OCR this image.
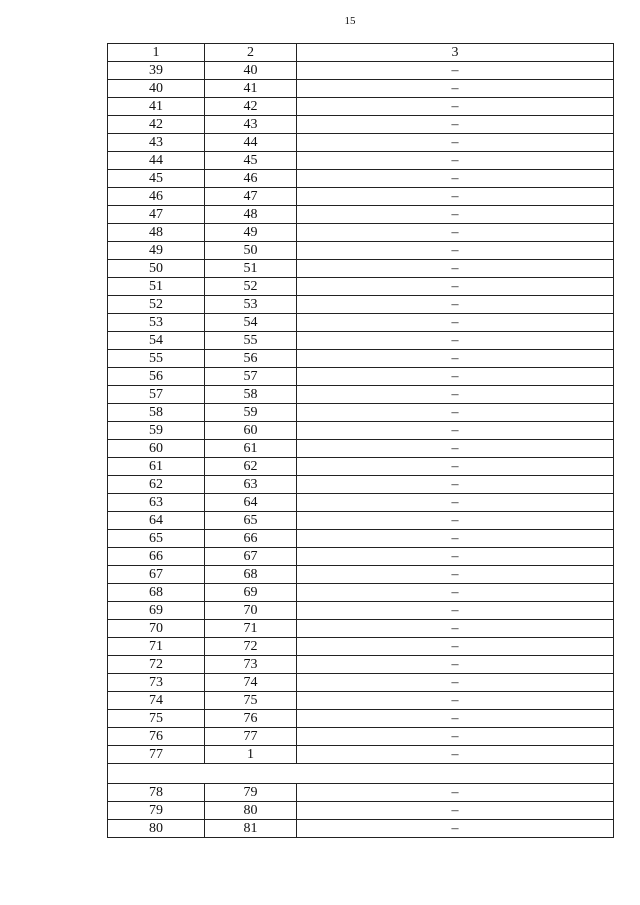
15
1	2	3
39	40	–
40	41	–
41	42	–
42	43	–
43	44	–
44	45	–
45	46	–
46	47	–
47	48	–
48	49	–
49	50	–
50	51	–
51	52	–
52	53	–
53	54	–
54	55	–
55	56	–
56	57	–
57	58	–
58	59	–
59	60	–
60	61	–
61	62	–
62	63	–
63	64	–
64	65	–
65	66	–
66	67	–
67	68	–
68	69	–
69	70	–
70	71	–
71	72	–
72	73	–
73	74	–
74	75	–
75	76	–
76	77	–
77	1	–

78	79	–
79	80	–
80	81	–
